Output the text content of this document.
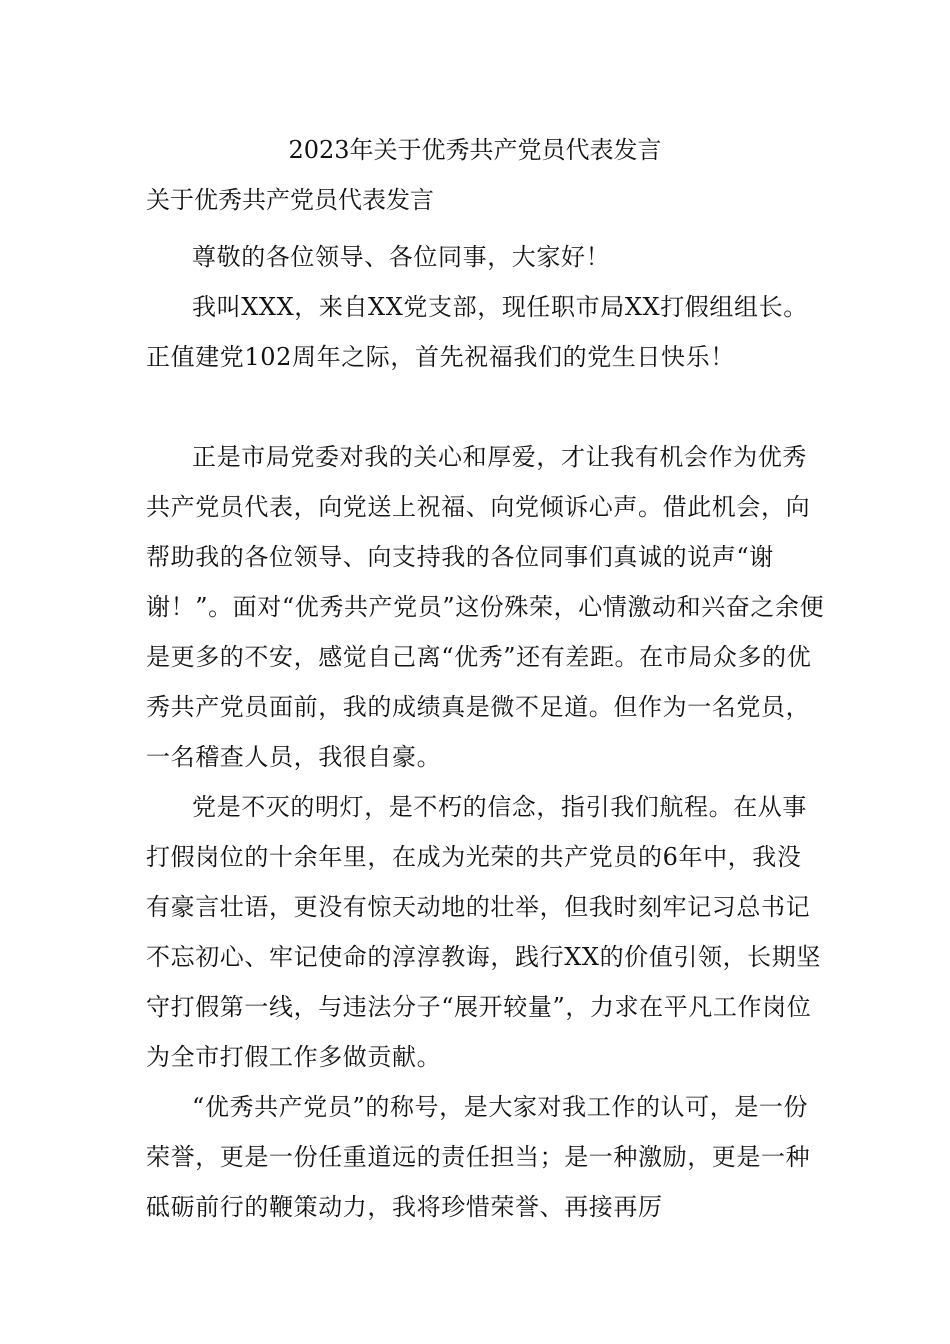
2023年关于优秀共产党员代表发言
关于优秀共产党员代表发言

尊敬的各位领导、各位同事，大家好！

我叫XXX，来自XX党支部，现任职市局XX打假组组长。正值建党102周年之际，首先祝福我们的党生日快乐！

正是市局党委对我的关心和厚爱，才让我有机会作为优秀共产党员代表，向党送上祝福、向党倾诉心声。借此机会，向帮助我的各位领导、向支持我的各位同事们真诚的说声“谢谢！”。面对“优秀共产党员”这份殊荣，心情激动和兴奋之余便是更多的不安，感觉自己离“优秀”还有差距。在市局众多的优秀共产党员面前，我的成绩真是微不足道。但作为一名党员，一名稽查人员，我很自豪。

党是不灭的明灯，是不朽的信念，指引我们航程。在从事打假岗位的十余年里，在成为光荣的共产党员的6年中，我没有豪言壮语，更没有惊天动地的壮举，但我时刻牢记习总书记不忘初心、牢记使命的淳淳教诲，践行XX的价值引领，长期坚守打假第一线，与违法分子“展开较量”，力求在平凡工作岗位为全市打假工作多做贡献。

“优秀共产党员”的称号，是大家对我工作的认可，是一份荣誉，更是一份任重道远的责任担当；是一种激励，更是一种砥砺前行的鞭策动力，我将珍惜荣誉、再接再厉
